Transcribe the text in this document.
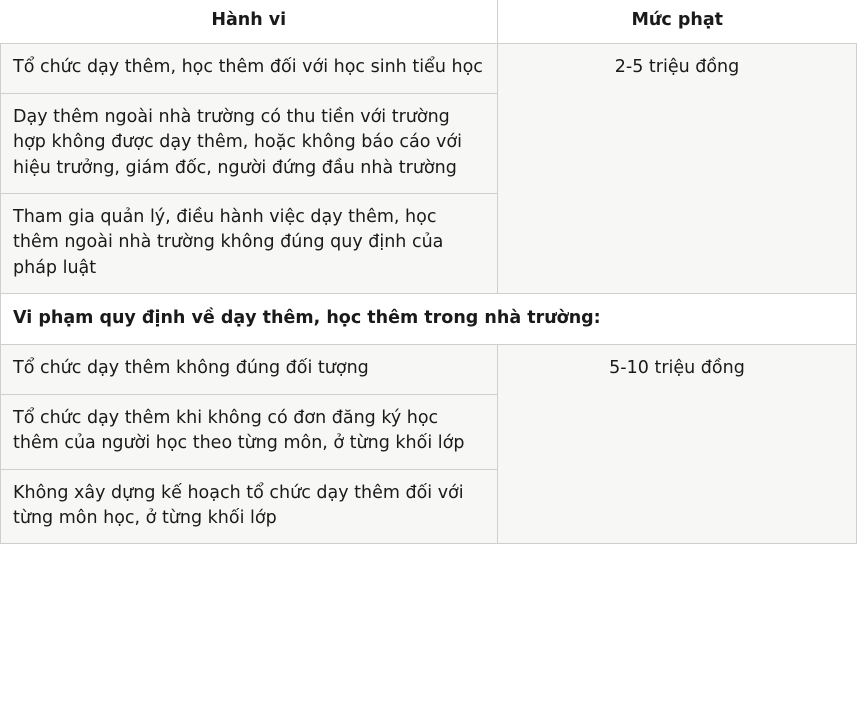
Hành vi	Mức phạt
Tổ chức dạy thêm, học thêm đối với học sinh tiểu học	2-5 triệu đồng
Dạy thêm ngoài nhà trường có thu tiền với trường hợp không được dạy thêm, hoặc không báo cáo với hiệu trưởng, giám đốc, người đứng đầu nhà trường	
Tham gia quản lý, điều hành việc dạy thêm, học thêm ngoài nhà trường không đúng quy định của pháp luật	
Vi phạm quy định về dạy thêm, học thêm trong nhà trường:	
Tổ chức dạy thêm không đúng đối tượng	5-10 triệu đồng
Tổ chức dạy thêm khi không có đơn đăng ký học thêm của người học theo từng môn, ở từng khối lớp	
Không xây dựng kế hoạch tổ chức dạy thêm đối với từng môn học, ở từng khối lớp	
